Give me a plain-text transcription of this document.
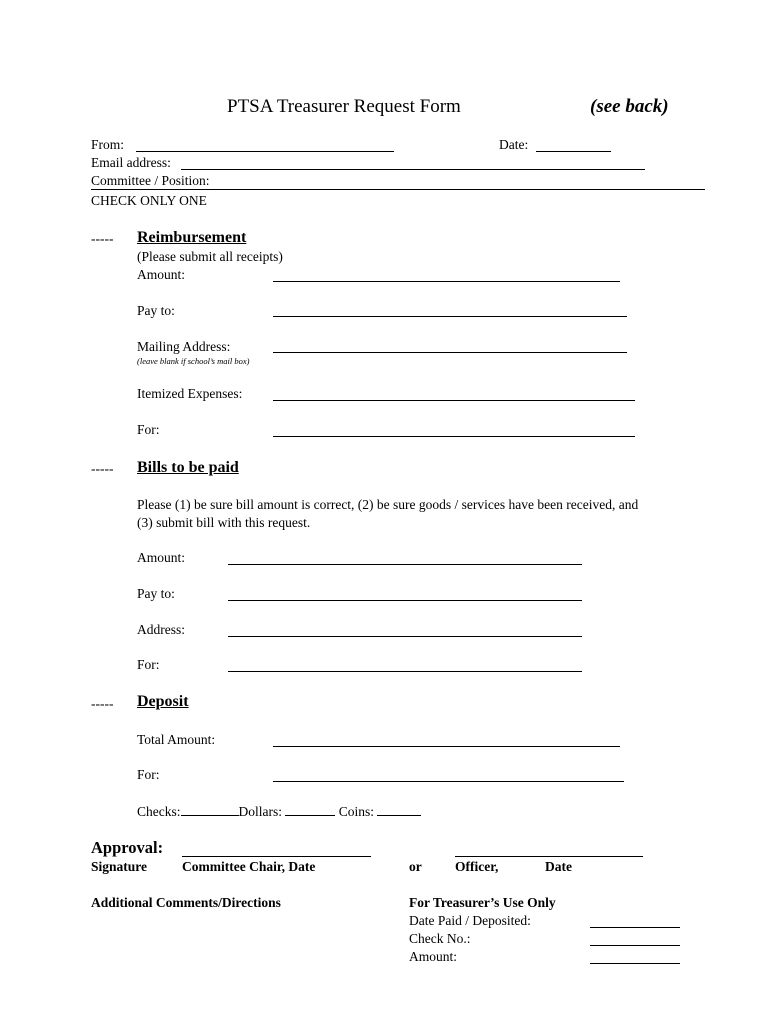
PTSA Treasurer Request Form	(see back)
From:	Date:
Email address:
Committee / Position:
CHECK ONLY ONE
----- Reimbursement
(Please submit all receipts)
Amount:
Pay to:
Mailing Address:
(leave blank if school’s mail box)
Itemized Expenses:
For:
----- Bills to be paid
Please (1) be sure bill amount is correct, (2) be sure goods / services have been received, and
(3) submit bill with this request.
Amount:
Pay to:
Address:
For:
----- Deposit
Total Amount:
For:
Checks:	Dollars:	Coins:
Approval:
Signature	Committee Chair, Date	or Officer,	Date
Additional Comments/Directions	For Treasurer’s Use Only
Date Paid / Deposited:
Check No.:
Amount:
